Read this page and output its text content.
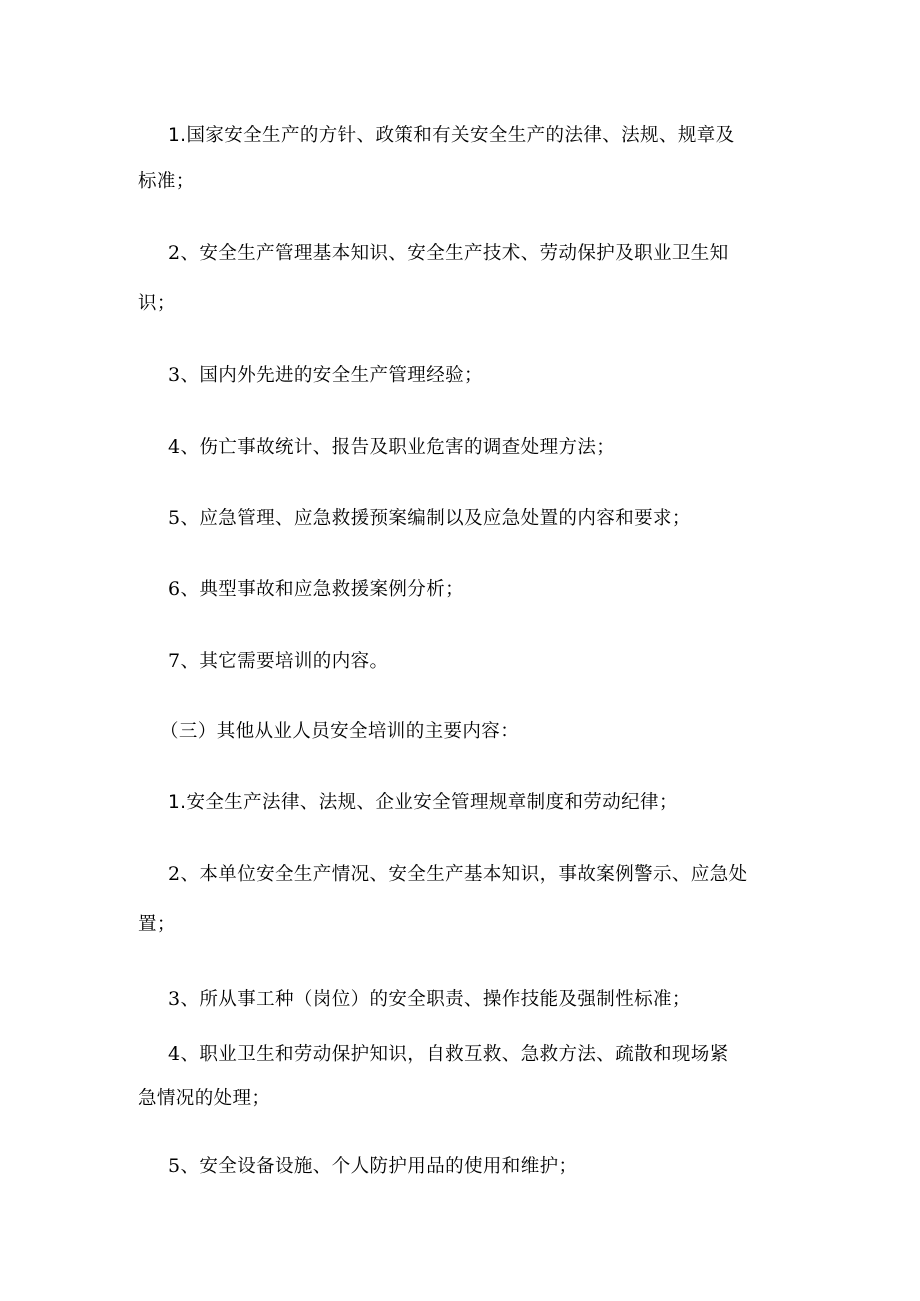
1.国家安全生产的方针、政策和有关安全生产的法律、法规、规章及

标准；

2、安全生产管理基本知识、安全生产技术、劳动保护及职业卫生知

识；

3、国内外先进的安全生产管理经验；

4、伤亡事故统计、报告及职业危害的调查处理方法；

5、应急管理、应急救援预案编制以及应急处置的内容和要求；

6、典型事故和应急救援案例分析；

7、其它需要培训的内容。

（三）其他从业人员安全培训的主要内容：

1.安全生产法律、法规、企业安全管理规章制度和劳动纪律；

2、本单位安全生产情况、安全生产基本知识，事故案例警示、应急处

置；

3、所从事工种（岗位）的安全职责、操作技能及强制性标准；

4、职业卫生和劳动保护知识，自救互救、急救方法、疏散和现场紧

急情况的处理；

5、安全设备设施、个人防护用品的使用和维护；
